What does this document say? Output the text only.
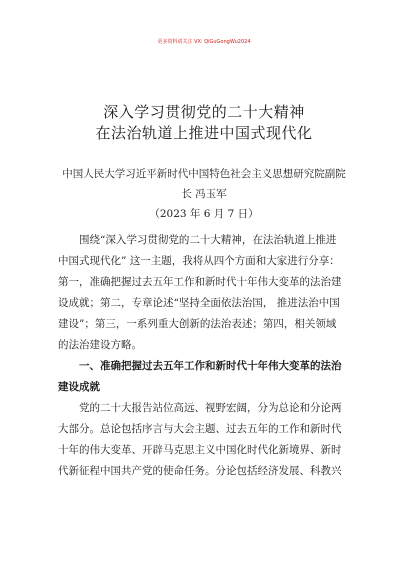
更多资料请关注 VX: QiGuGongWu2024
深入学习贯彻党的二十大精神
在法治轨道上推进中国式现代化
中国人民大学习近平新时代中国特色社会主义思想研究院副院
长 冯玉军
（2023 年 6 月 7 日）
　　围绕“深入学习贯彻党的二十大精神，在法治轨道上推进
中国式现代化” 这一主题，我将从四个方面和大家进行分享：
第一，准确把握过去五年工作和新时代十年伟大变革的法治建
设成就；第二，专章论述“坚持全面依法治国， 推进法治中国
建设”；第三，一系列重大创新的法治表述；第四，相关领域
的法治建设方略。
　　一、准确把握过去五年工作和新时代十年伟大变革的法治
建设成就
　　党的二十大报告站位高远、视野宏阔，分为总论和分论两
大部分。总论包括序言与大会主题、过去五年的工作和新时代
十年的伟大变革、开辟马克思主义中国化时代化新境界、新时
代新征程中国共产党的使命任务。分论包括经济发展、科教兴
